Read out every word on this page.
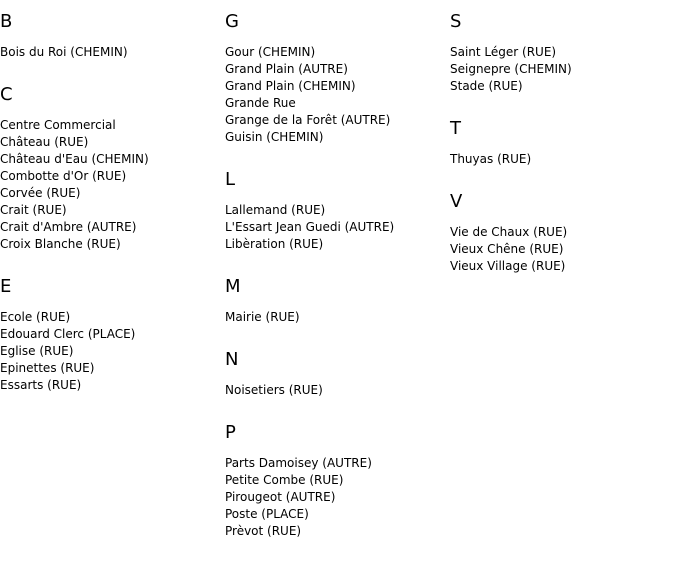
B
Bois du Roi (CHEMIN)
C
Centre Commercial
Château (RUE)
Château d'Eau (CHEMIN)
Combotte d'Or (RUE)
Corvée (RUE)
Crait (RUE)
Crait d'Ambre (AUTRE)
Croix Blanche (RUE)
E
Ecole (RUE)
Edouard Clerc (PLACE)
Eglise (RUE)
Epinettes (RUE)
Essarts (RUE)
G
Gour (CHEMIN)
Grand Plain (AUTRE)
Grand Plain (CHEMIN)
Grande Rue
Grange de la Forêt (AUTRE)
Guisin (CHEMIN)
L
Lallemand (RUE)
L'Essart Jean Guedi (AUTRE)
Libèration (RUE)
M
Mairie (RUE)
N
Noisetiers (RUE)
P
Parts Damoisey (AUTRE)
Petite Combe (RUE)
Pirougeot (AUTRE)
Poste (PLACE)
Prèvot (RUE)
S
Saint Léger (RUE)
Seignepre (CHEMIN)
Stade (RUE)
T
Thuyas (RUE)
V
Vie de Chaux (RUE)
Vieux Chêne (RUE)
Vieux Village (RUE)
